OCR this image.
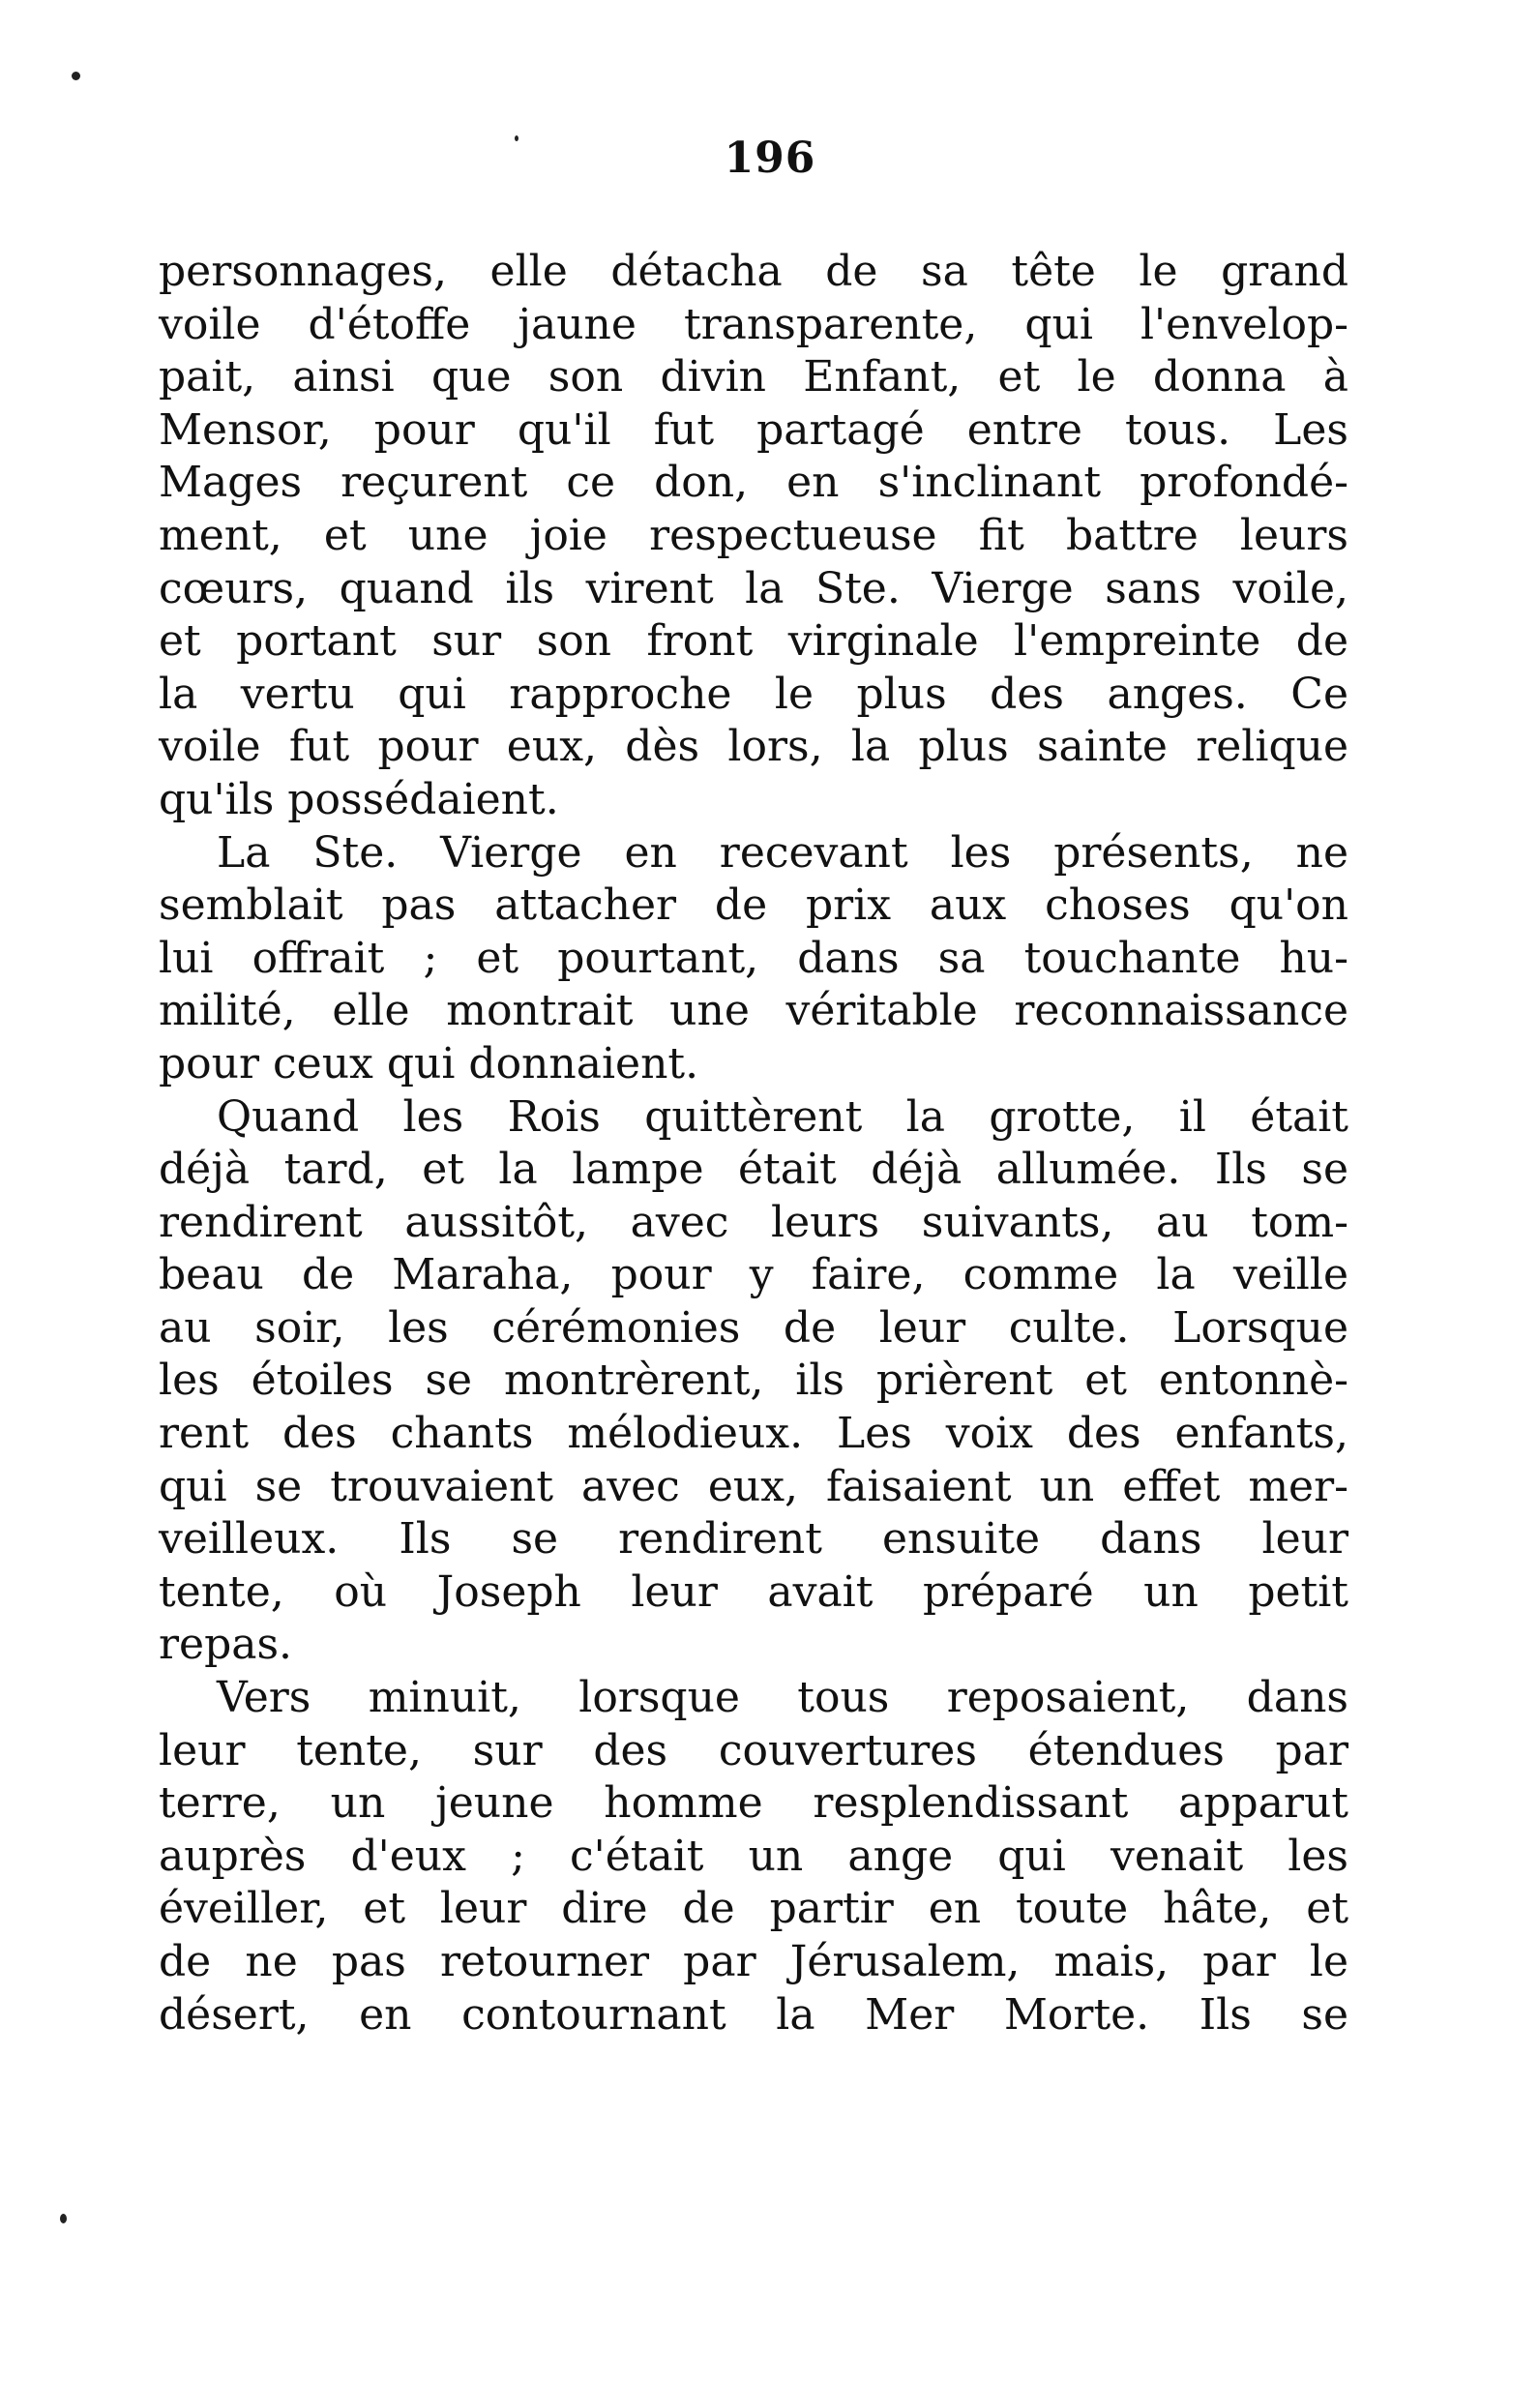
196
personnages, elle détacha de sa tête le grand
voile d'étoffe jaune transparente, qui l'envelop-
pait, ainsi que son divin Enfant, et le donna à
Mensor, pour qu'il fut partagé entre tous. Les
Mages reçurent ce don, en s'inclinant profondé-
ment, et une joie respectueuse fit battre leurs
cœurs, quand ils virent la Ste. Vierge sans voile,
et portant sur son front virginale l'empreinte de
la vertu qui rapproche le plus des anges. Ce
voile fut pour eux, dès lors, la plus sainte relique
qu'ils possédaient.
La Ste. Vierge en recevant les présents, ne
semblait pas attacher de prix aux choses qu'on
lui offrait ; et pourtant, dans sa touchante hu-
milité, elle montrait une véritable reconnaissance
pour ceux qui donnaient.
Quand les Rois quittèrent la grotte, il était
déjà tard, et la lampe était déjà allumée. Ils se
rendirent aussitôt, avec leurs suivants, au tom-
beau de Maraha, pour y faire, comme la veille
au soir, les cérémonies de leur culte. Lorsque
les étoiles se montrèrent, ils prièrent et entonnè-
rent des chants mélodieux. Les voix des enfants,
qui se trouvaient avec eux, faisaient un effet mer-
veilleux. Ils se rendirent ensuite dans leur
tente, où Joseph leur avait préparé un petit
repas.
Vers minuit, lorsque tous reposaient, dans
leur tente, sur des couvertures étendues par
terre, un jeune homme resplendissant apparut
auprès d'eux ; c'était un ange qui venait les
éveiller, et leur dire de partir en toute hâte, et
de ne pas retourner par Jérusalem, mais, par le
désert, en contournant la Mer Morte. Ils se
